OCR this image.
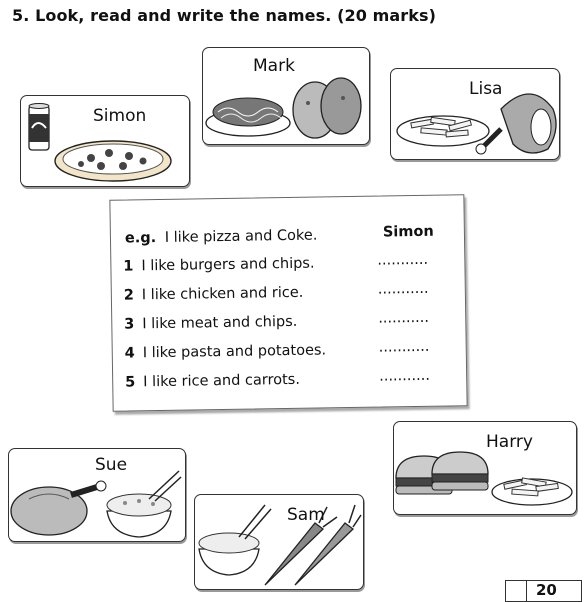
5. Look, read and write the names. (20 marks)
Simon
Mark
Lisa
e.g. I like pizza and Coke.	Simon
1 I like burgers and chips.	...........
2 I like chicken and rice.	...........
3 I like meat and chips.	...........
4 I like pasta and potatoes.	...........
5 I like rice and carrots.	...........
Sue
Sam
Harry
20
